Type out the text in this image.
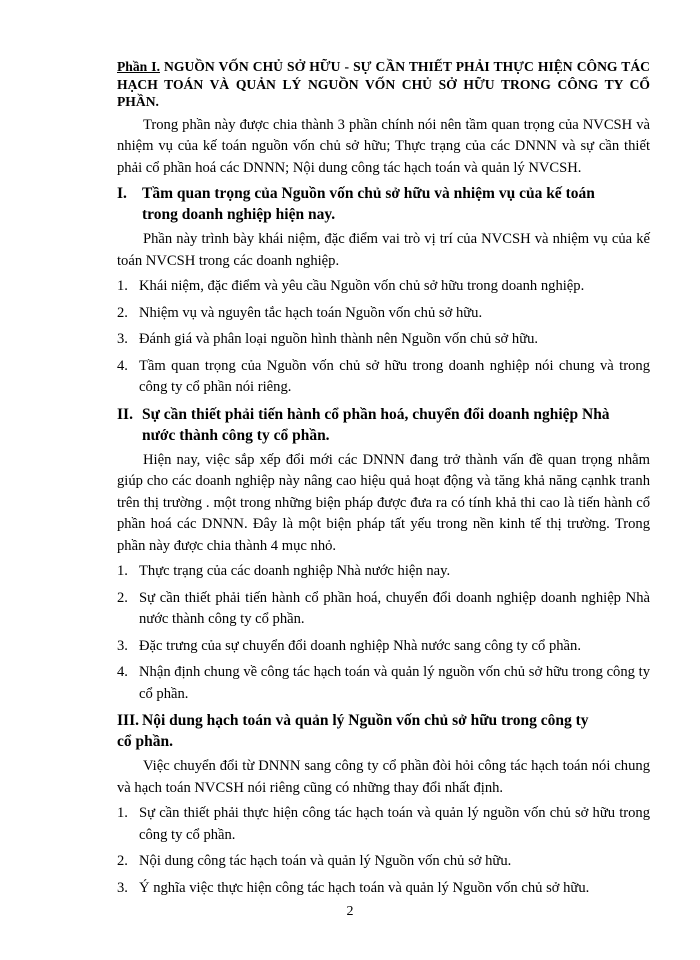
Phần I. NGUỒN VỐN CHỦ SỞ HỮU - SỰ CẦN THIẾT PHẢI THỰC HIỆN CÔNG TÁC HẠCH TOÁN VÀ QUẢN LÝ NGUỒN VỐN CHỦ SỞ HỮU TRONG CÔNG TY CỔ PHẦN.

Trong phần này được chia thành 3 phần chính nói nên tầm quan trọng của NVCSH và nhiệm vụ của kế toán nguồn vốn chủ sở hữu; Thực trạng của các DNNN và sự cần thiết phải cổ phần hoá các DNNN; Nội dung công tác hạch toán và quản lý NVCSH.

I. Tầm quan trọng của Nguồn vốn chủ sở hữu và nhiệm vụ của kế toán
trong doanh nghiệp hiện nay.

Phần này trình bày khái niệm, đặc điểm vai trò vị trí của NVCSH và nhiệm vụ của kế toán NVCSH trong các doanh nghiệp.

1. Khái niệm, đặc điểm và yêu cầu Nguồn vốn chủ sở hữu trong doanh nghiệp.
2. Nhiệm vụ và nguyên tắc hạch toán Nguồn vốn chủ sở hữu.
3. Đánh giá và phân loại nguồn hình thành nên Nguồn vốn chủ sở hữu.
4. Tầm quan trọng của Nguồn vốn chủ sở hữu trong doanh nghiệp nói chung và trong công ty cổ phần nói riêng.
II. Sự cần thiết phải tiến hành cổ phần hoá, chuyển đổi doanh nghiệp Nhà
nước thành công ty cổ phần.

Hiện nay, việc sắp xếp đổi mới các DNNN đang trở thành vấn đề quan trọng nhằm giúp cho các doanh nghiệp này nâng cao hiệu quả hoạt động và tăng khả năng cạnhk tranh trên thị trường . một trong những biện pháp được đưa ra có tính khả thi cao là tiến hành cổ phần hoá các DNNN. Đây là một biện pháp tất yếu trong nền kinh tế thị trường. Trong phần này được chia thành 4 mục nhỏ.

1. Thực trạng của các doanh nghiệp Nhà nước hiện nay.
2. Sự cần thiết phải tiến hành cổ phần hoá, chuyển đổi doanh nghiệp doanh nghiệp Nhà nước thành công ty cổ phần.
3. Đặc trưng của sự chuyển đổi doanh nghiệp Nhà nước sang công ty cổ phần.
4. Nhận định chung về công tác hạch toán và quản lý nguồn vốn chủ sở hữu trong công ty cổ phần.
III. Nội dung hạch toán và quản lý Nguồn vốn chủ sở hữu trong công ty
cổ phần.

Việc chuyển đổi từ DNNN sang công ty cổ phần đòi hỏi công tác hạch toán nói chung và hạch toán NVCSH nói riêng cũng có những thay đổi nhất định.

1. Sự cần thiết phải thực hiện công tác hạch toán và quản lý nguồn vốn chủ sở hữu trong công ty cổ phần.
2. Nội dung công tác hạch toán và quản lý Nguồn vốn chủ sở hữu.
3. Ý nghĩa việc thực hiện công tác hạch toán và quản lý Nguồn vốn chủ sở hữu.
2
